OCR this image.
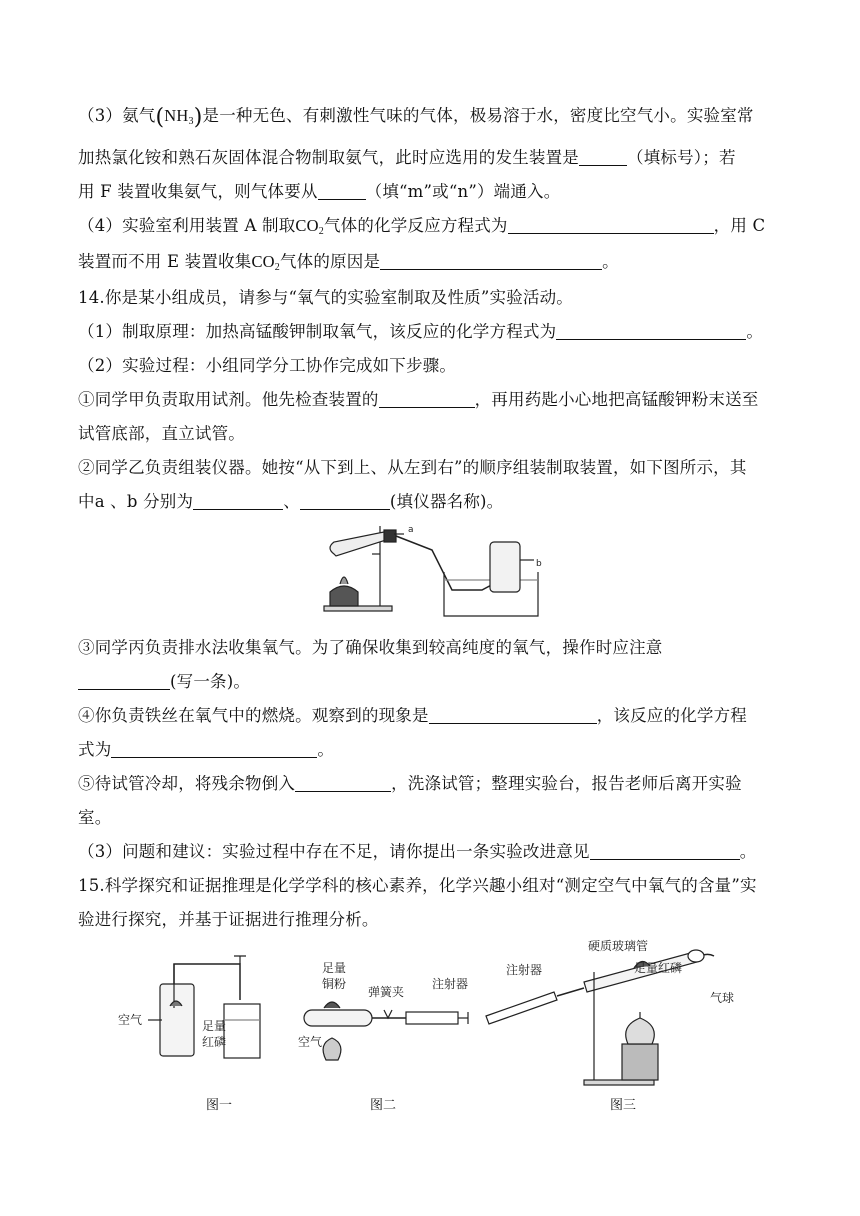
（3）氨气$(NH_3)$是一种无色、有刺激性气味的气体，极易溶于水，密度比空气小。实验室常
加热氯化铵和熟石灰固体混合物制取氨气，此时应选用的发生装置是	（填标号）；若
用 F 装置收集氨气，则气体要从	（填“m”或“n”）端通入。
（4）实验室利用装置 A 制取$CO_2$气体的化学反应方程式为	，用 C
装置而不用 E 装置收集$CO_2$气体的原因是	。
14.你是某小组成员，请参与“氧气的实验室制取及性质”实验活动。
（1）制取原理：加热高锰酸钾制取氧气，该反应的化学方程式为	。
（2）实验过程：小组同学分工协作完成如下步骤。
①同学甲负责取用试剂。他先检查装置的	，再用药匙小心地把高锰酸钾粉末送至
试管底部，直立试管。
②同学乙负责组装仪器。她按“从下到上、从左到右”的顺序组装制取装置，如下图所示，其
中a 、b 分别为	、	(填仪器名称)。
a
b
③同学丙负责排水法收集氧气。为了确保收集到较高纯度的氧气，操作时应注意
(写一条)。
④你负责铁丝在氧气中的燃烧。观察到的现象是	，该反应的化学方程
式为	。
⑤待试管冷却，将残余物倒入	，洗涤试管；整理实验台，报告老师后离开实验
室。
（3）问题和建议：实验过程中存在不足，请你提出一条实验改进意见	。
15.科学探究和证据推理是化学学科的核心素养，化学兴趣小组对“测定空气中氧气的含量”实
验进行探究，并基于证据进行推理分析。
空气	足量
红磷
图一
足量
铜粉
弹簧夹
注射器
空气
图二
硬质玻璃管
足量红磷
注射器
气球
图三
